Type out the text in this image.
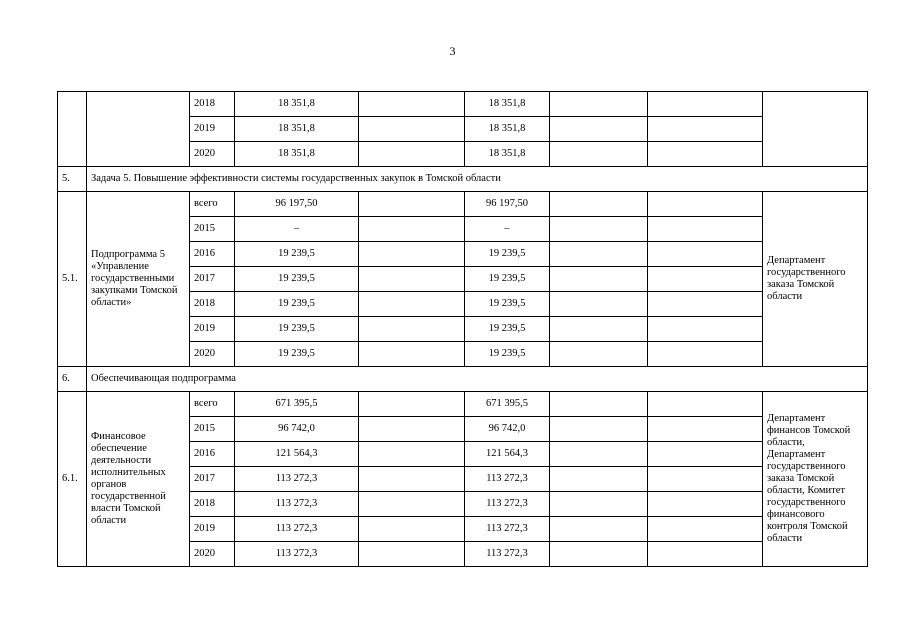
3
		2018	18 351,8		18 351,8			
		2019	18 351,8		18 351,8			
		2020	18 351,8		18 351,8			
5.	Задача 5. Повышение эффективности системы государственных закупок в Томской области							
5.1.	Подпрограмма 5 «Управление государственными закупками Томской области»	всего	96 197,50		96 197,50			Департамент государственного заказа Томской области
		2015	–		–			
		2016	19 239,5		19 239,5			
		2017	19 239,5		19 239,5			
		2018	19 239,5		19 239,5			
		2019	19 239,5		19 239,5			
		2020	19 239,5		19 239,5			
6.	Обеспечивающая подпрограмма							
6.1.	Финансовое обеспечение деятельности исполнительных органов государственной власти Томской области	всего	671 395,5		671 395,5			Департамент финансов Томской области, Департамент государственного заказа Томской области, Комитет государственного финансового контроля Томской области
		2015	96 742,0		96 742,0			
		2016	121 564,3		121 564,3			
		2017	113 272,3		113 272,3			
		2018	113 272,3		113 272,3			
		2019	113 272,3		113 272,3			
		2020	113 272,3		113 272,3			
